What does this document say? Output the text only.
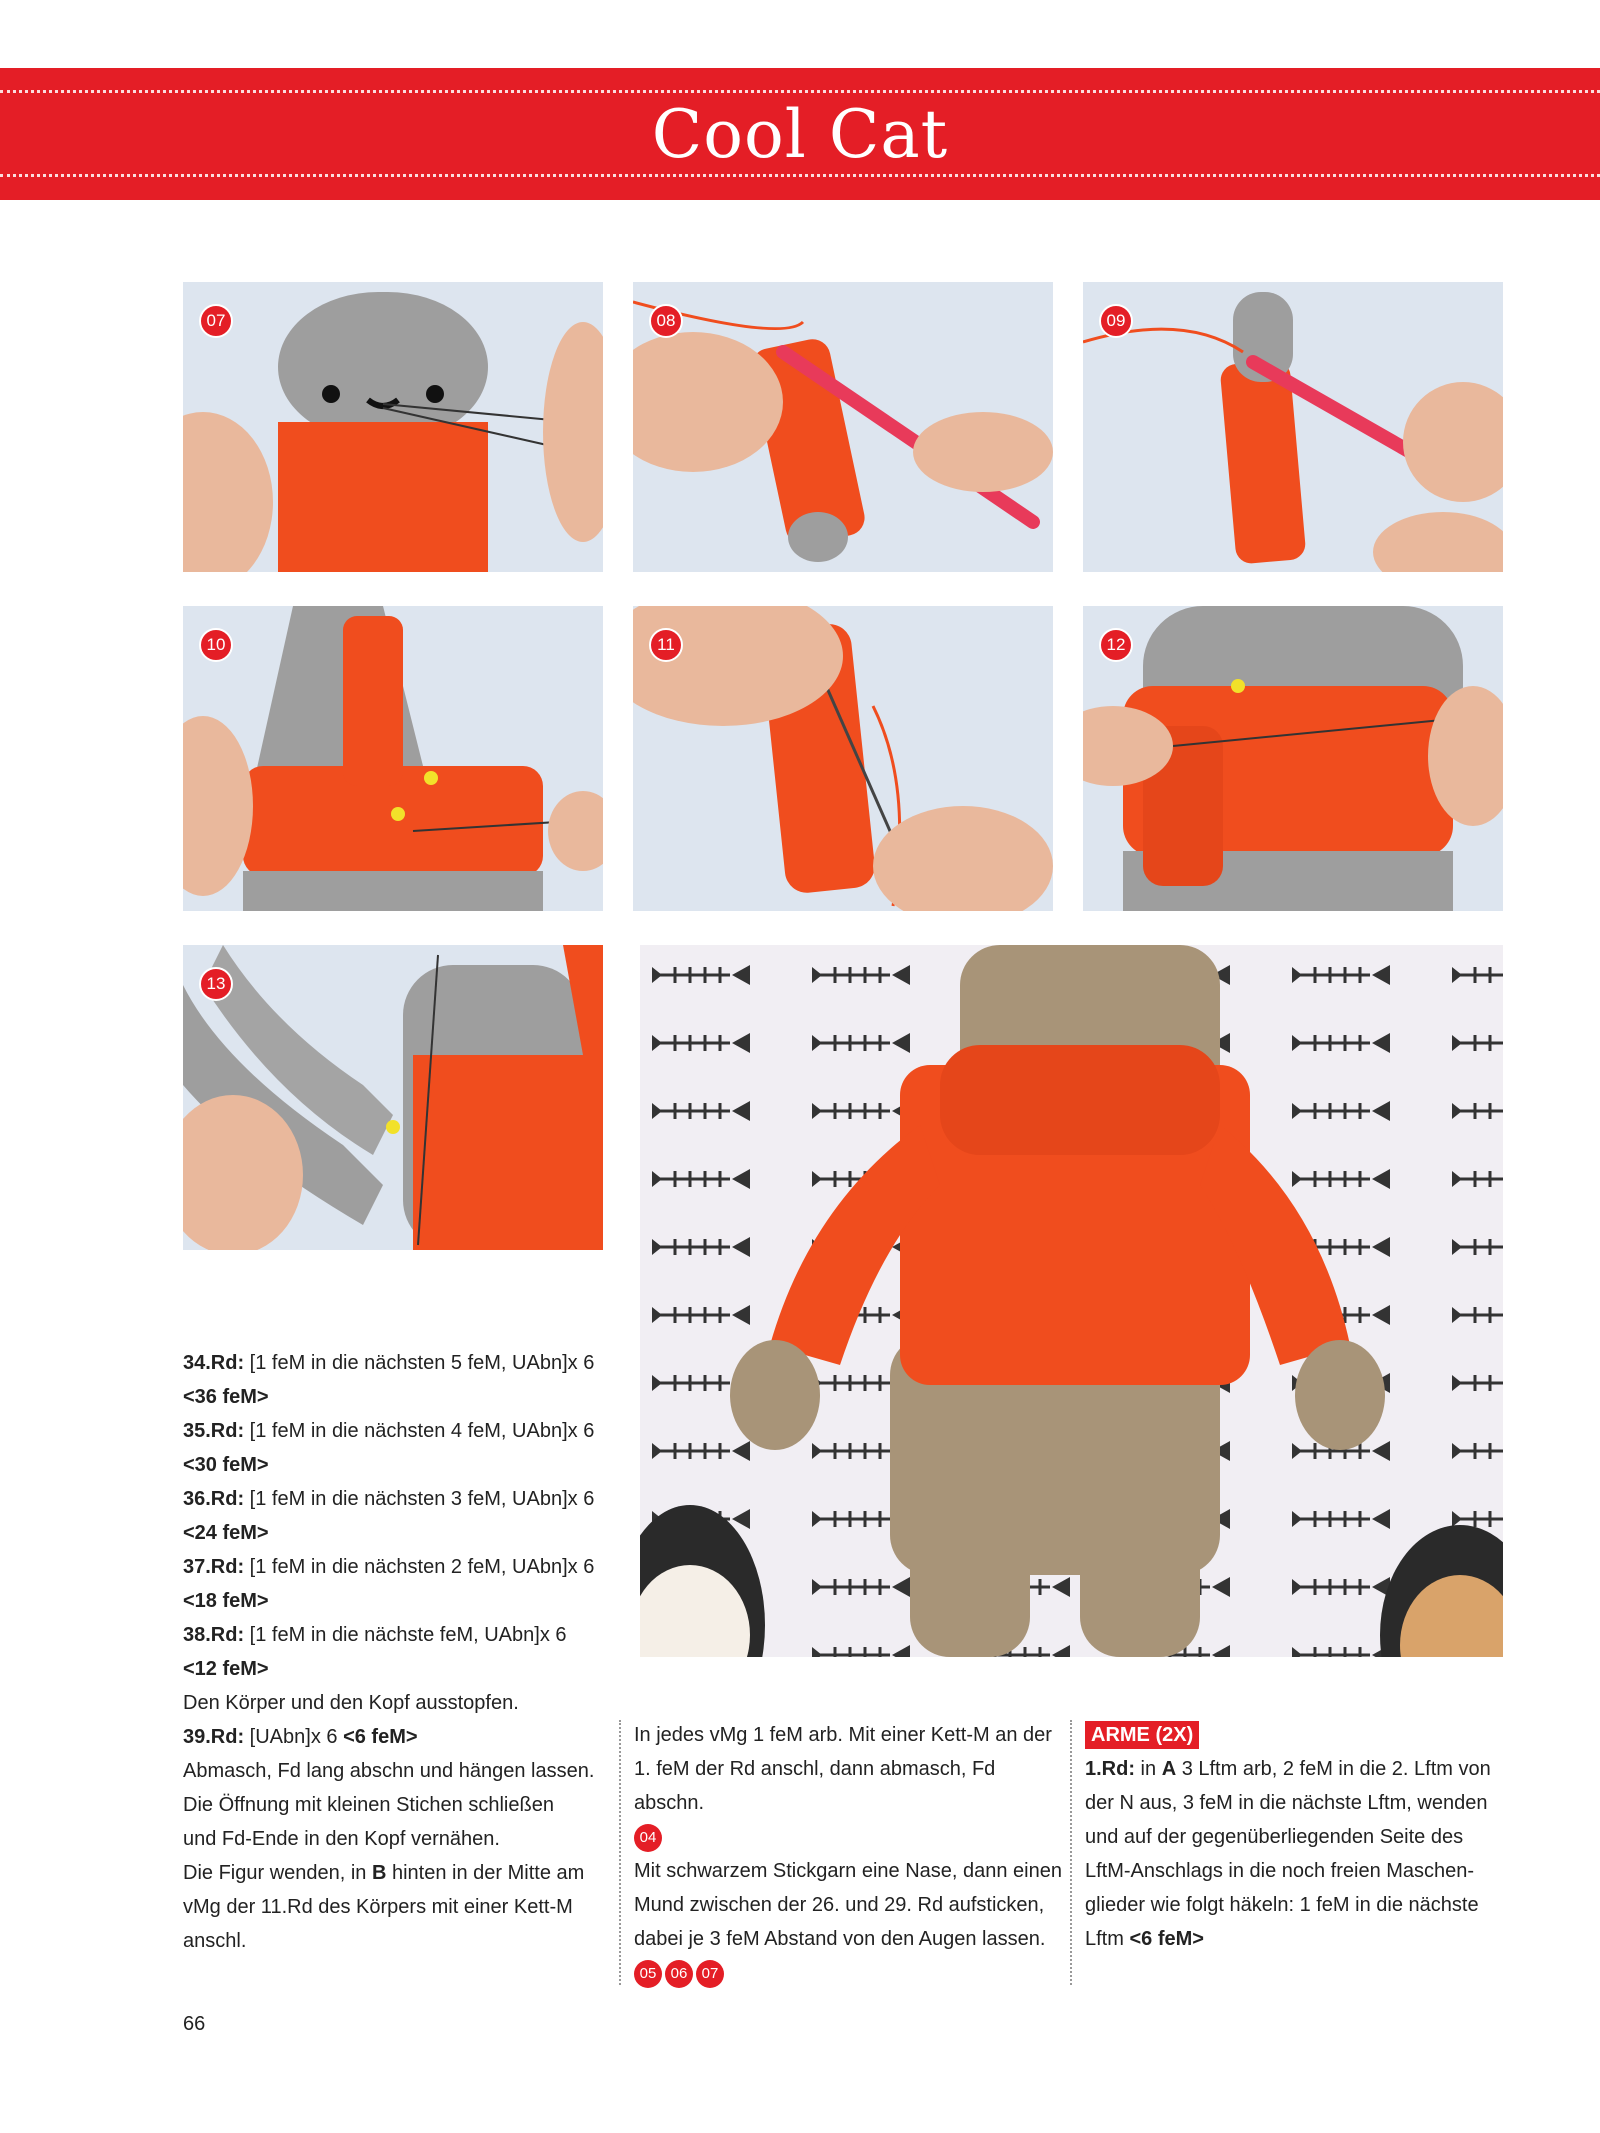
Cool Cat
07	08	09
10	11	12
13

34.Rd: [1 feM in die nächsten 5 feM, UAbn]x 6

<36 feM>

35.Rd: [1 feM in die nächsten 4 feM, UAbn]x 6

<30 feM>

36.Rd: [1 feM in die nächsten 3 feM, UAbn]x 6

<24 feM>

37.Rd: [1 feM in die nächsten 2 feM, UAbn]x 6

<18 feM>

38.Rd: [1 feM in die nächste feM, UAbn]x 6

<12 feM>

Den Körper und den Kopf ausstopfen.

39.Rd: [UAbn]x 6 <6 feM>

Abmasch, Fd lang abschn und hängen lassen.

Die Öffnung mit kleinen Stichen schließen

und Fd-Ende in den Kopf vernähen.

Die Figur wenden, in B hinten in der Mitte am

vMg der 11.Rd des Körpers mit einer Kett-M

anschl.

In jedes vMg 1 feM arb. Mit einer Kett-M an der

1. feM der Rd anschl, dann abmasch, Fd abschn.

04

Mit schwarzem Stickgarn eine Nase, dann einen

Mund zwischen der 26. und 29. Rd aufsticken,

dabei je 3 feM Abstand von den Augen lassen.

05 06 07

ARME (2X)

1.Rd: in A 3 Lftm arb, 2 feM in die 2. Lftm von

der N aus, 3 feM in die nächste Lftm, wenden

und auf der gegenüberliegenden Seite des

LftM-Anschlags in die noch freien Maschen-

glieder wie folgt häkeln: 1 feM in die nächste

Lftm <6 feM>

66
